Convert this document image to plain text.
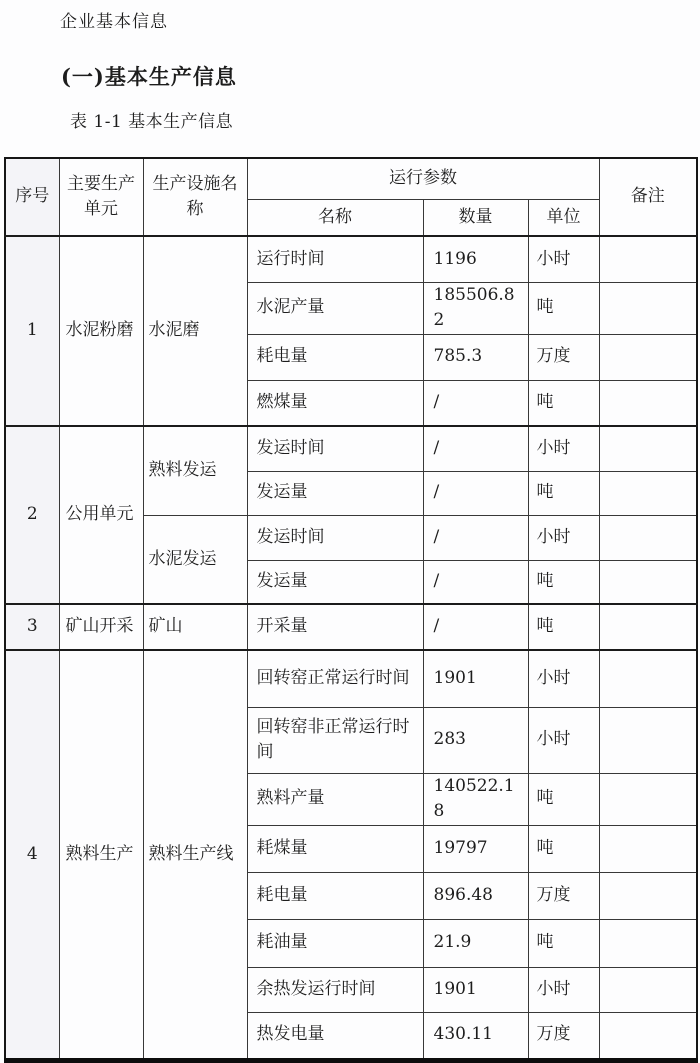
企业基本信息
(一)基本生产信息
表 1-1 基本生产信息
序号	主要生产单元	生产设施名称	运行参数			备注
			名称	数量	单位	
1	水泥粉磨	水泥磨	运行时间	1196	小时	
			水泥产量	185506.82	吨	
			耗电量	785.3	万度	
			燃煤量	/	吨	
2	公用单元	熟料发运	发运时间	/	小时	
			发运量	/	吨	
		水泥发运	发运时间	/	小时	
			发运量	/	吨	
3	矿山开采	矿山	开采量	/	吨	
4	熟料生产	熟料生产线	回转窑正常运行时间	1901	小时	
			回转窑非正常运行时间	283	小时	
			熟料产量	140522.18	吨	
			耗煤量	19797	吨	
			耗电量	896.48	万度	
			耗油量	21.9	吨	
			余热发运行时间	1901	小时	
			热发电量	430.11	万度	
